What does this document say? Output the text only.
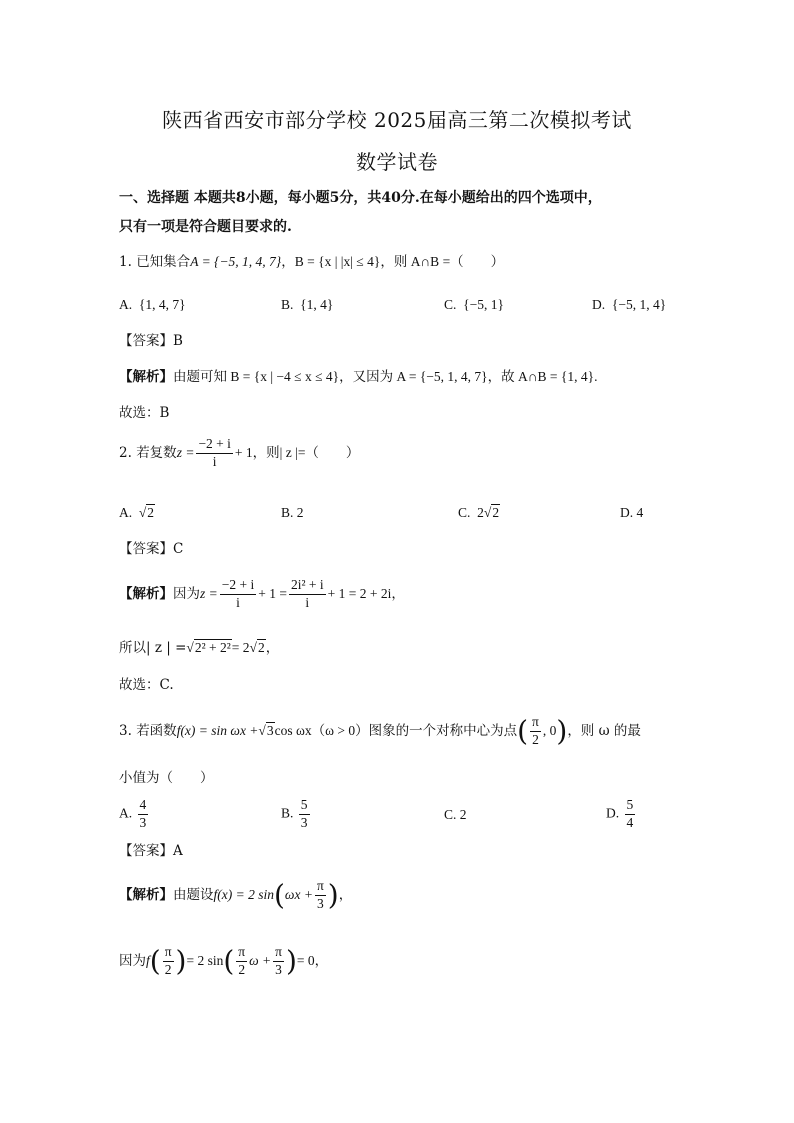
陕西省西安市部分学校 2025届高三第二次模拟考试
数学试卷
一、选择题 本题共8小题，每小题5分，共40分.在每小题给出的四个选项中，
只有一项是符合题目要求的.
1. 已知集合A = {−5, 1, 4, 7}，B = {x | |x| ≤ 4}，则 A∩B =（　　）
A. {1, 4, 7}	B. {1, 4}	C. {−5, 1}	D. {−5, 1, 4}
【答案】B
【解析】由题可知 B = {x | −4 ≤ x ≤ 4}，又因为 A = {−5, 1, 4, 7}，故 A∩B = {1, 4}.
故选：B
2. 若复数$z = \frac{-2 + i}{i} + 1$，则| z |=（　　）
A.  √2	B. 2	C. 2√2	D. 4
【答案】C
【解析】因为$z = \frac{-2 + i}{i} + 1 = \frac{\text{2i² + i}}{i} + 1 = 2 + 2i$，
所以| z | =√2² + 2²= 2√2，
故选：C.
3. 若函数f(x) = sin ωx +√3cos ωx（ω > 0）图象的一个对称中心为点( $\frac{\pi}{2}$ , 0)，则 ω 的最
小值为（　　）
A. $\frac{4}{3}$	B. $\frac{5}{3}$	C. 2	D. $\frac{5}{4}$
【答案】A
【解析】由题设f(x) = 2 $\sin(\omega x + \frac{\pi}{3}$ )，
因为$f( \frac{\pi}{2}$ )= 2 $\sin( \frac{\pi}{2}$ $\omega + \frac{\pi}{3}$ )= 0，
